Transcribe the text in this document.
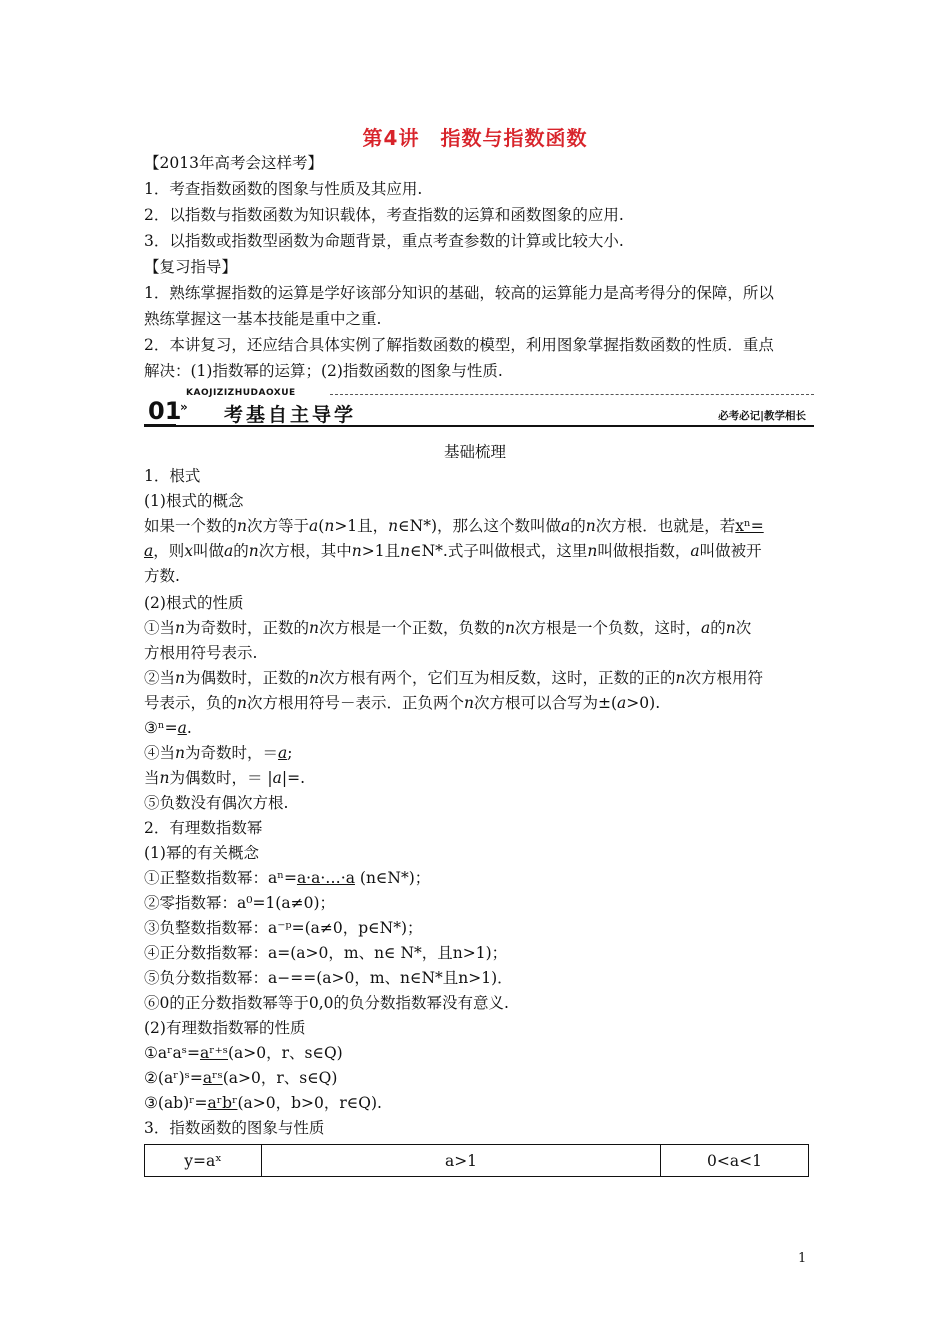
第4讲　指数与指数函数
【2013年高考会这样考】
1．考查指数函数的图象与性质及其应用.
2．以指数与指数函数为知识载体，考查指数的运算和函数图象的应用.
3．以指数或指数型函数为命题背景，重点考查参数的计算或比较大小.
【复习指导】
1．熟练掌握指数的运算是学好该部分知识的基础，较高的运算能力是高考得分的保障，所以
熟练掌握这一基本技能是重中之重.
2．本讲复习，还应结合具体实例了解指数函数的模型，利用图象掌握指数函数的性质．重点
解决：(1)指数幂的运算；(2)指数函数的图象与性质.
KAOJIZIZHUDAOXUE
01
» 考基自主导学	必考必记|教学相长
基础梳理
1．根式
(1)根式的概念
如果一个数的n次方等于a(n>1且，n∈N*)，那么这个数叫做a的n次方根．也就是，若xⁿ=
a，则x叫做a的n次方根，其中n>1且n∈N*.式子叫做根式，这里n叫做根指数，a叫做被开
方数.
(2)根式的性质
①当n为奇数时，正数的n次方根是一个正数，负数的n次方根是一个负数，这时，a的n次
方根用符号表示.
②当n为偶数时，正数的n次方根有两个，它们互为相反数，这时，正数的正的n次方根用符
号表示，负的n次方根用符号－表示．正负两个n次方根可以合写为±(a>0).
③ⁿ=a.
④当n为奇数时，＝a;
当n为偶数时，＝ |a|=.
⑤负数没有偶次方根.
2．有理数指数幂
(1)幂的有关概念
①正整数指数幂：aⁿ=a·a·…·a (n∈N*)；
②零指数幂：a⁰=1(a≠0)；
③负整数指数幂：a⁻ᵖ=(a≠0，p∈N*)；
④正分数指数幂：a=(a>0，m、n∈ N*，且n>1)；
⑤负分数指数幂：a−==(a>0，m、n∈N*且n>1)．
⑥0的正分数指数幂等于0,0的负分数指数幂没有意义.
(2)有理数指数幂的性质
①aʳaˢ=aʳ⁺ˢ(a>0，r、s∈Q)
②(aʳ)ˢ=aʳˢ(a>0，r、s∈Q)
③(ab)ʳ=aʳbʳ(a>0，b>0，r∈Q).
3．指数函数的图象与性质
y=aˣ	a>1	0<a<1
1
